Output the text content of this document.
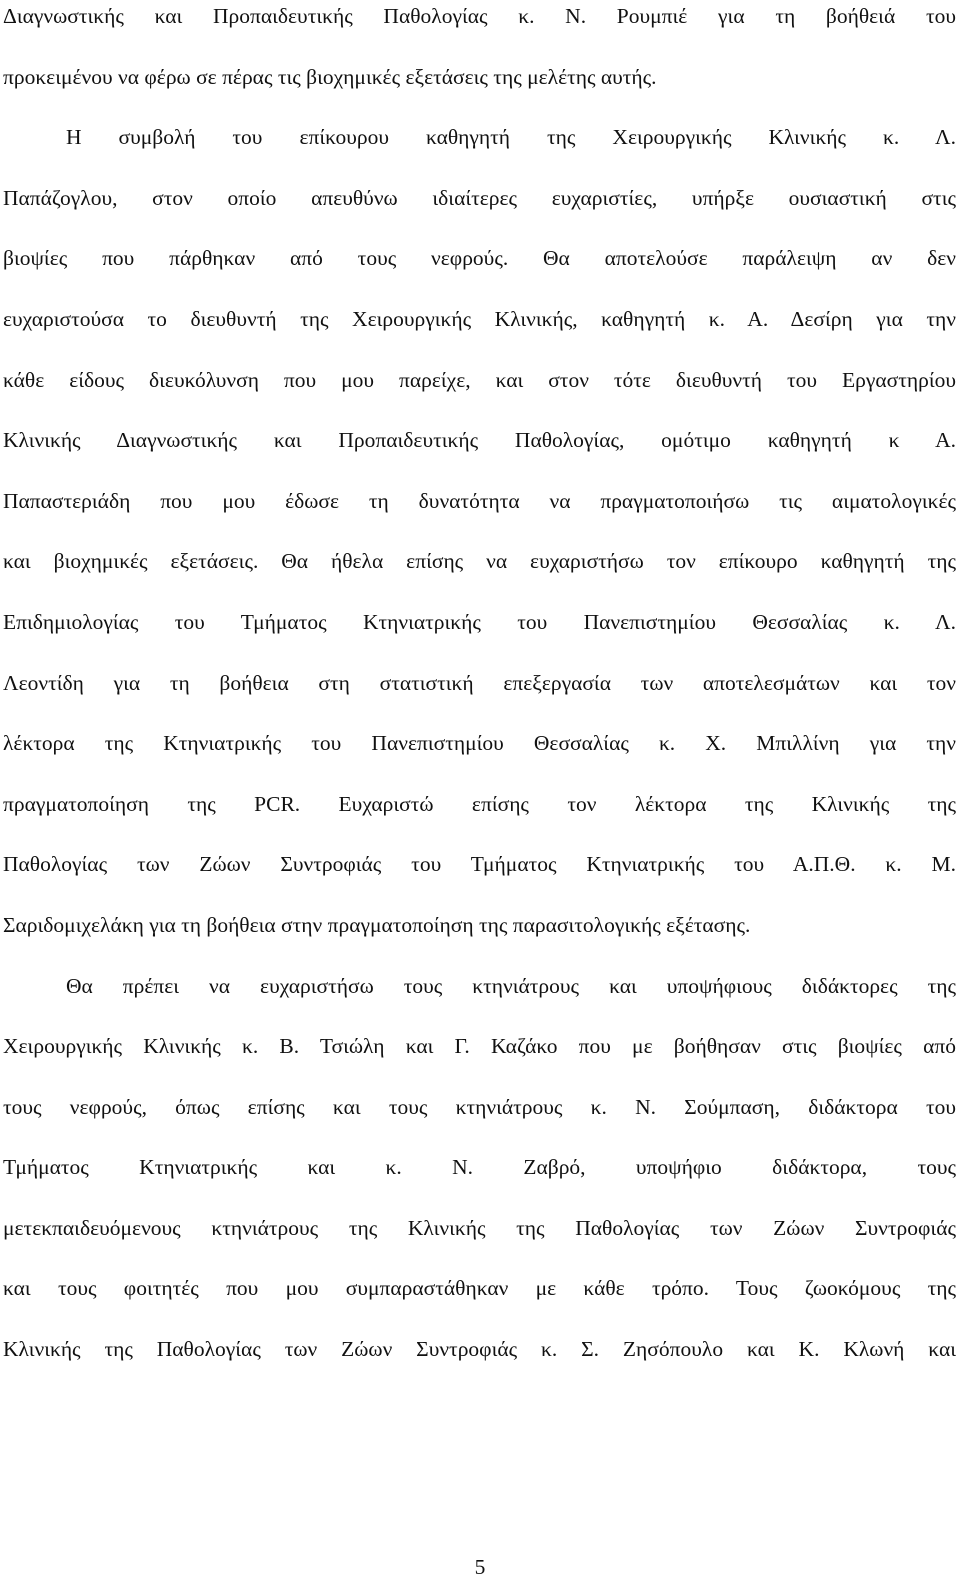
Διαγνωστικής και Προπαιδευτικής Παθολογίας κ. Ν. Ρουμπιέ για τη βοήθειά του
προκειμένου να φέρω σε πέρας τις βιοχημικές εξετάσεις της μελέτης αυτής.
Η συμβολή του επίκουρου καθηγητή της Χειρουργικής Κλινικής κ. Λ.
Παπάζογλου, στον οποίο απευθύνω ιδιαίτερες ευχαριστίες, υπήρξε ουσιαστική στις
βιοψίες που πάρθηκαν από τους νεφρούς. Θα αποτελούσε παράλειψη αν δεν
ευχαριστούσα το διευθυντή της Χειρουργικής Κλινικής, καθηγητή κ. Α. Δεσίρη για την
κάθε είδους διευκόλυνση που μου παρείχε, και στον τότε διευθυντή του Εργαστηρίου
Κλινικής Διαγνωστικής και Προπαιδευτικής Παθολογίας, ομότιμο καθηγητή κ Α.
Παπαστεριάδη που μου έδωσε τη δυνατότητα να πραγματοποιήσω τις αιματολογικές
και βιοχημικές εξετάσεις. Θα ήθελα επίσης να ευχαριστήσω τον επίκουρο καθηγητή της
Επιδημιολογίας του Τμήματος Κτηνιατρικής του Πανεπιστημίου Θεσσαλίας κ. Λ.
Λεοντίδη για τη βοήθεια στη στατιστική επεξεργασία των αποτελεσμάτων και τον
λέκτορα της Κτηνιατρικής του Πανεπιστημίου Θεσσαλίας κ. Χ. Μπιλλίνη για την
πραγματοποίηση της PCR. Ευχαριστώ επίσης τον λέκτορα της Κλινικής της
Παθολογίας των Ζώων Συντροφιάς του Τμήματος Κτηνιατρικής του Α.Π.Θ. κ. Μ.
Σαριδομιχελάκη για τη βοήθεια στην πραγματοποίηση της παρασιτολογικής εξέτασης.
Θα πρέπει να ευχαριστήσω τους κτηνιάτρους και υποψήφιους διδάκτορες της
Χειρουργικής Κλινικής κ. Β. Τσιώλη και Γ. Καζάκο που με βοήθησαν στις βιοψίες από
τους νεφρούς, όπως επίσης και τους κτηνιάτρους κ. Ν. Σούμπαση, διδάκτορα του
Τμήματος Κτηνιατρικής και κ. Ν. Ζαβρό, υποψήφιο διδάκτορα, τους
μετεκπαιδευόμενους κτηνιάτρους της Κλινικής της Παθολογίας των Ζώων Συντροφιάς
και τους φοιτητές που μου συμπαραστάθηκαν με κάθε τρόπο. Τους ζωοκόμους της
Κλινικής της Παθολογίας των Ζώων Συντροφιάς κ. Σ. Ζησόπουλο και Κ. Κλωνή και
5
